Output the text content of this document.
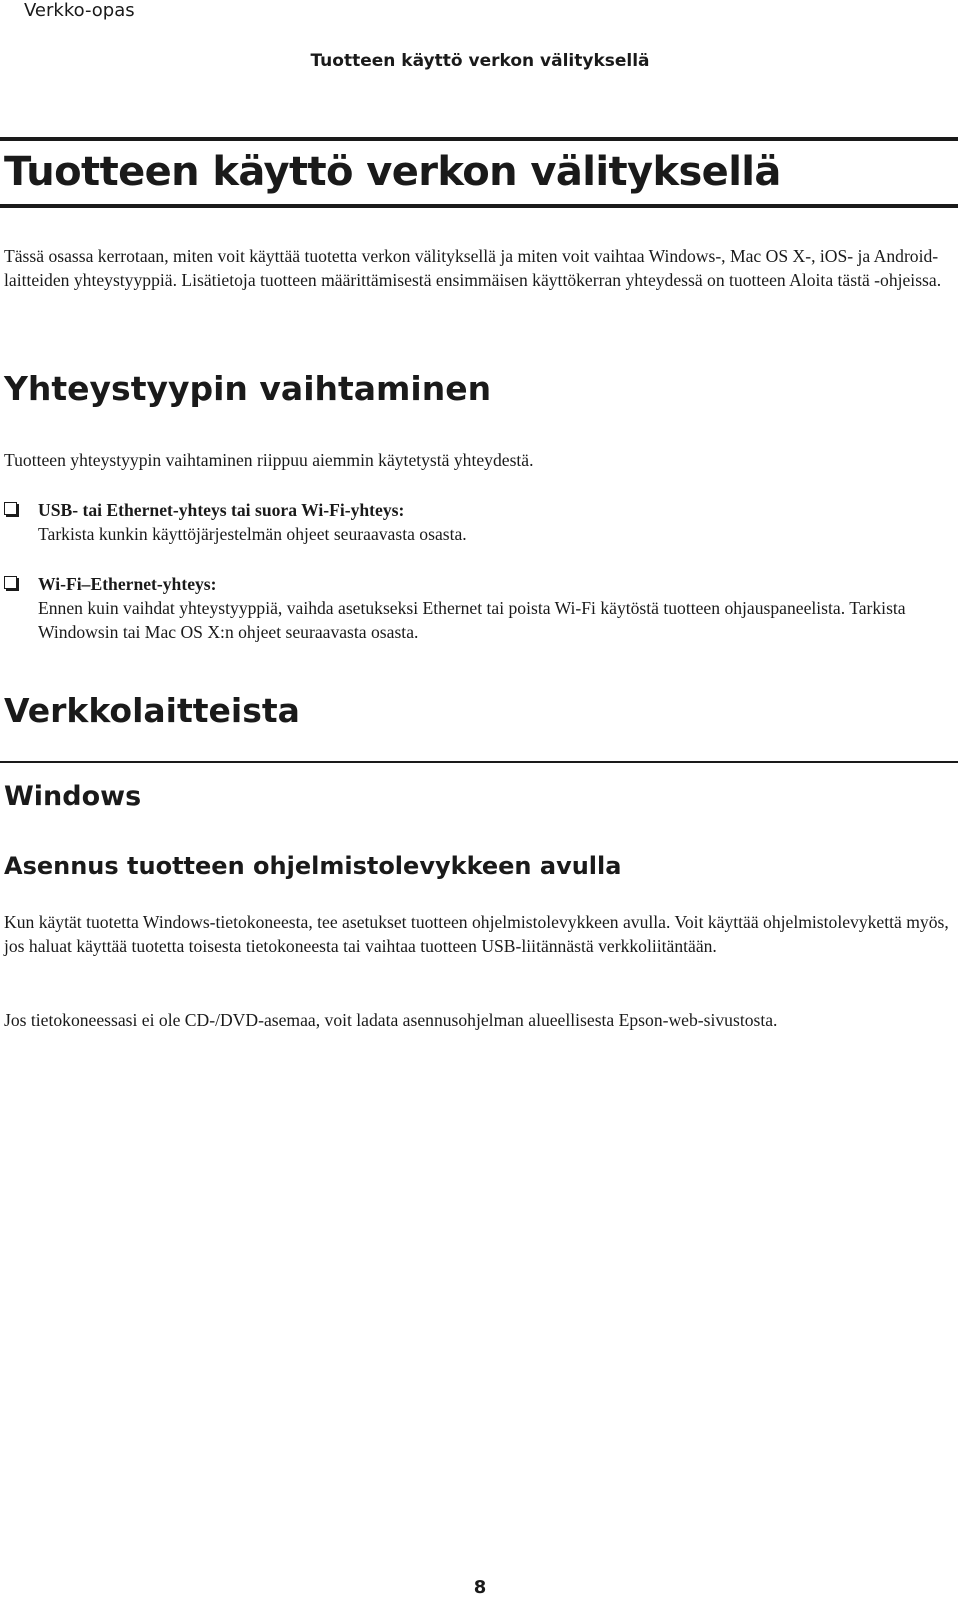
Verkko-opas
Tuotteen käyttö verkon välityksellä
Tuotteen käyttö verkon välityksellä

Tässä osassa kerrotaan, miten voit käyttää tuotetta verkon välityksellä ja miten voit vaihtaa Windows-, Mac OS X-, iOS- ja Android-laitteiden yhteystyyppiä. Lisätietoja tuotteen määrittämisestä ensimmäisen käyttökerran yhteydessä on tuotteen Aloita tästä -ohjeissa.

Yhteystyypin vaihtaminen

Tuotteen yhteystyypin vaihtaminen riippuu aiemmin käytetystä yhteydestä.

USB- tai Ethernet-yhteys tai suora Wi-Fi-yhteys:

Tarkista kunkin käyttöjärjestelmän ohjeet seuraavasta osasta.

Wi-Fi–Ethernet-yhteys:

Ennen kuin vaihdat yhteystyyppiä, vaihda asetukseksi Ethernet tai poista Wi-Fi käytöstä tuotteen ohjauspaneelista. Tarkista Windowsin tai Mac OS X:n ohjeet seuraavasta osasta.

Verkkolaitteista
Windows
Asennus tuotteen ohjelmistolevykkeen avulla

Kun käytät tuotetta Windows-tietokoneesta, tee asetukset tuotteen ohjelmistolevykkeen avulla. Voit käyttää ohjelmistolevykettä myös, jos haluat käyttää tuotetta toisesta tietokoneesta tai vaihtaa tuotteen USB-liitännästä verkkoliitäntään.

Jos tietokoneessasi ei ole CD-/DVD-asemaa, voit ladata asennusohjelman alueellisesta Epson-web-sivustosta.

8
